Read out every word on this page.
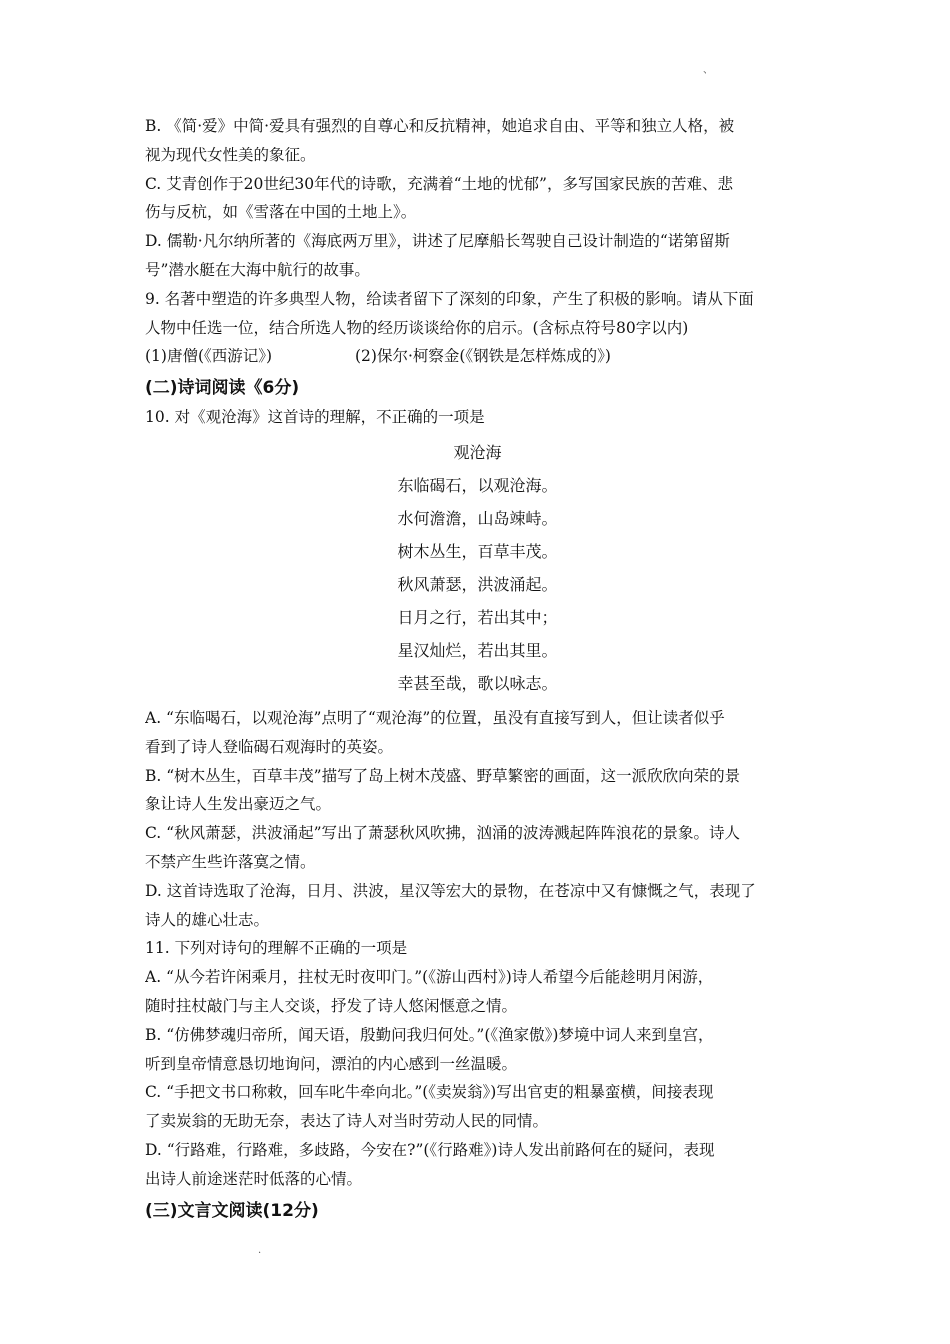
、
B. 《简·爱》中简·爱具有强烈的自尊心和反抗精神，她追求自由、平等和独立人格，被
视为现代女性美的象征。
C. 艾青创作于20世纪30年代的诗歌，充满着“土地的忧郁”，多写国家民族的苦难、悲
伤与反杭，如《雪落在中国的土地上》。
D. 儒勒·凡尔纳所著的《海底两万里》，讲述了尼摩船长驾驶自己设计制造的“诺第留斯
号”潜水艇在大海中航行的故事。
9. 名著中塑造的许多典型人物，给读者留下了深刻的印象，产生了积极的影响。请从下面
人物中任选一位，结合所选人物的经历谈谈给你的启示。(含标点符号80字以内)
(1)唐僧(《西游记》)	(2)保尔·柯察金(《钢铁是怎样炼成的》)
(二)诗词阅读《6分)
10. 对《观沧海》这首诗的理解，不正确的一项是
观沧海
东临碣石，以观沧海。
水何澹澹，山岛竦峙。
树木丛生，百草丰茂。
秋风萧瑟，洪波涌起。
日月之行，若出其中；
星汉灿烂，若出其里。
幸甚至哉，歌以咏志。
A. “东临喝石，以观沧海”点明了“观沧海”的位置，虽没有直接写到人，但让读者似乎
看到了诗人登临碣石观海时的英姿。
B. “树木丛生，百草丰茂”描写了岛上树木茂盛、野草繁密的画面，这一派欣欣向荣的景
象让诗人生发出豪迈之气。
C. “秋风萧瑟，洪波涌起”写出了萧瑟秋风吹拂，汹涌的波涛溅起阵阵浪花的景象。诗人
不禁产生些许落寞之情。
D. 这首诗选取了沧海，日月、洪波，星汉等宏大的景物，在苍凉中又有慷慨之气，表现了
诗人的雄心壮志。
11. 下列对诗句的理解不正确的一项是
A. “从今若许闲乘月，拄杖无时夜叩门。”(《游山西村》)诗人希望今后能趁明月闲游，
随时拄杖敲门与主人交谈，抒发了诗人悠闲惬意之情。
B. “仿佛梦魂归帝所，闻天语，殷勤问我归何处。”(《渔家傲》)梦境中词人来到皇宫，
听到皇帝情意恳切地询问，漂泊的内心感到一丝温暖。
C. “手把文书口称敕，回车叱牛牵向北。”(《卖炭翁》)写出官吏的粗暴蛮横，间接表现
了卖炭翁的无助无奈，表达了诗人对当时劳动人民的同情。
D. “行路难，行路难，多歧路，今安在?”(《行路难》)诗人发出前路何在的疑问，表现
出诗人前途迷茫时低落的心情。
(三)文言文阅读(12分)
.
